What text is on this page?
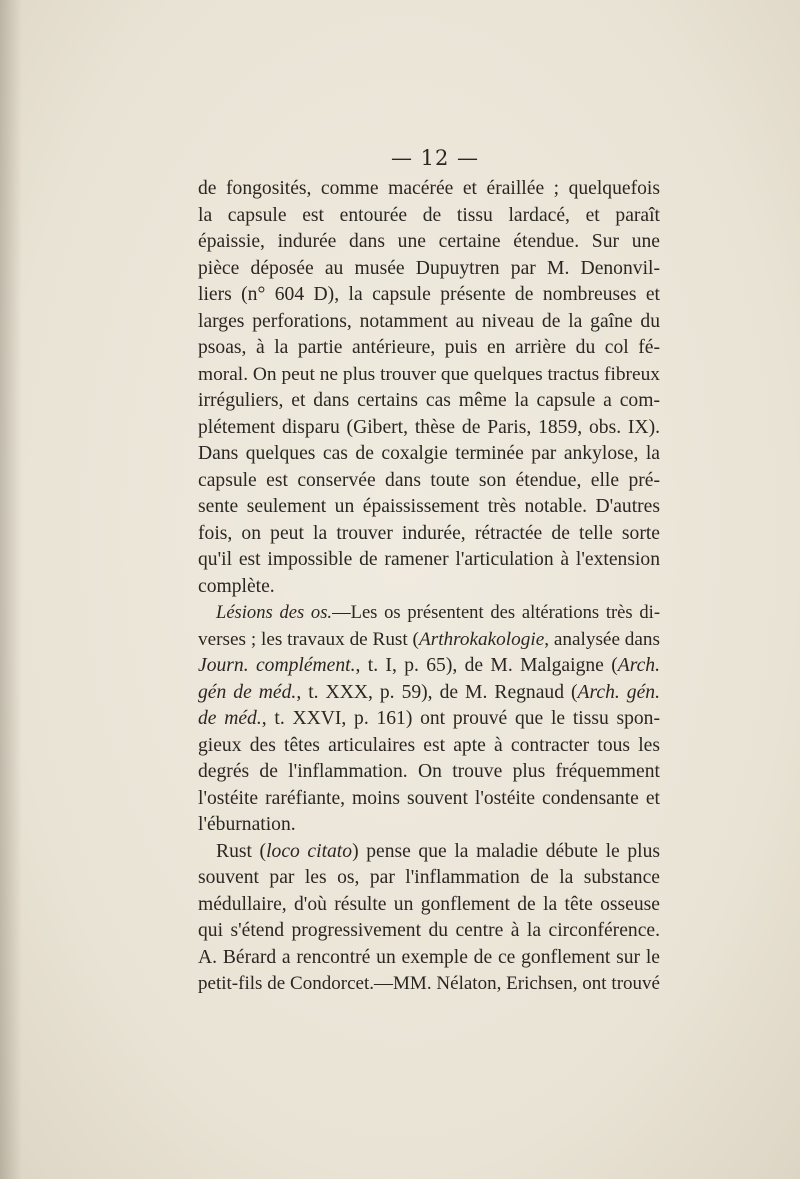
— 12 —
de fongosités, comme macérée et éraillée ; quelquefois
la capsule est entourée de tissu lardacé, et paraît
épaissie, indurée dans une certaine étendue. Sur une
pièce déposée au musée Dupuytren par M. Denonvil-
liers (n° 604 D), la capsule présente de nombreuses et
larges perforations, notamment au niveau de la gaîne du
psoas, à la partie antérieure, puis en arrière du col fé-
moral. On peut ne plus trouver que quelques tractus fibreux
irréguliers, et dans certains cas même la capsule a com-
plétement disparu (Gibert, thèse de Paris, 1859, obs. IX).
Dans quelques cas de coxalgie terminée par ankylose, la
capsule est conservée dans toute son étendue, elle pré-
sente seulement un épaississement très notable. D'autres
fois, on peut la trouver indurée, rétractée de telle sorte
qu'il est impossible de ramener l'articulation à l'extension
complète.
Lésions des os.—Les os présentent des altérations très di-
verses ; les travaux de Rust (Arthrokakologie, analysée dans
Journ. complément., t. I, p. 65), de M. Malgaigne (Arch.
gén de méd., t. XXX, p. 59), de M. Regnaud (Arch. gén.
de méd., t. XXVI, p. 161) ont prouvé que le tissu spon-
gieux des têtes articulaires est apte à contracter tous les
degrés de l'inflammation. On trouve plus fréquemment
l'ostéite raréfiante, moins souvent l'ostéite condensante et
l'éburnation.
Rust (loco citato) pense que la maladie débute le plus
souvent par les os, par l'inflammation de la substance
médullaire, d'où résulte un gonflement de la tête osseuse
qui s'étend progressivement du centre à la circonférence.
A. Bérard a rencontré un exemple de ce gonflement sur le
petit-fils de Condorcet.—MM. Nélaton, Erichsen, ont trouvé
